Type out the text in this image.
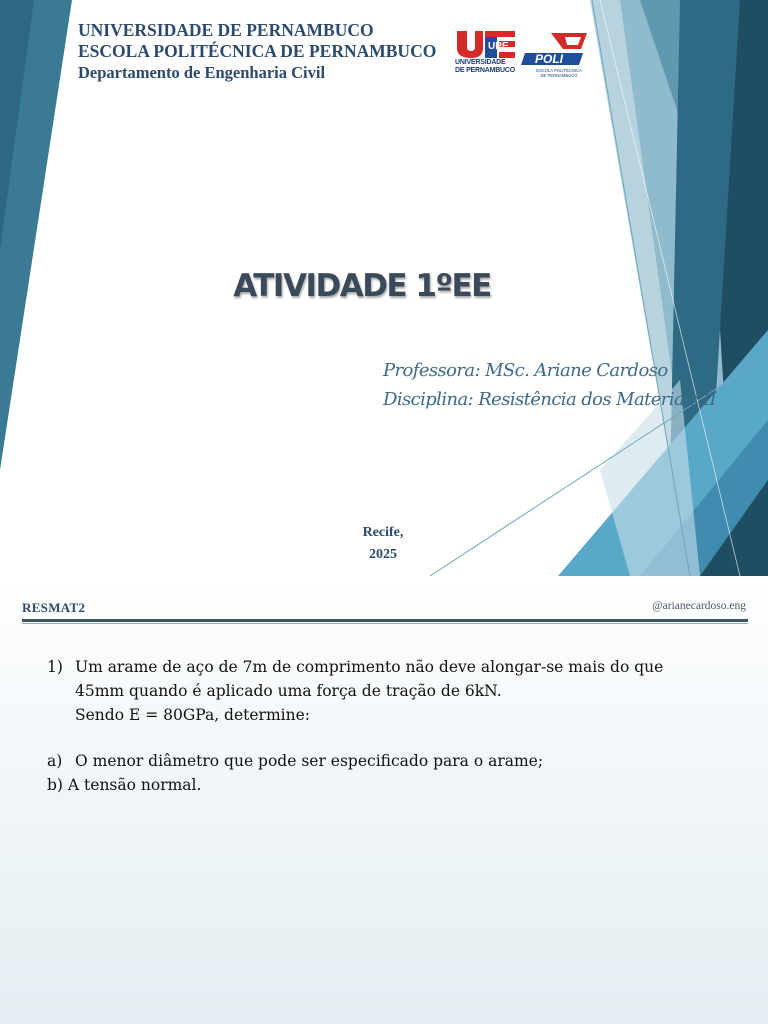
UNIVERSIDADE DE PERNAMBUCO
ESCOLA POLITÉCNICA DE PERNAMBUCO
Departamento de Engenharia Civil
UPE
UNIVERSIDADE
DE PERNAMBUCO
POLI
ESCOLA POLITÉCNICA
DE PERNAMBUCO
ATIVIDADE 1ºEE
Professora: MSc. Ariane Cardoso
Disciplina: Resistência dos Materiais II
Recife,
2025
RESMAT2	@arianecardoso.eng
1) Um arame de aço de 7m de comprimento não deve alongar-se mais do que
45mm quando é aplicado uma força de tração de 6kN.
Sendo E = 80GPa, determine:
a) O menor diâmetro que pode ser especificado para o arame;
b) A tensão normal.
